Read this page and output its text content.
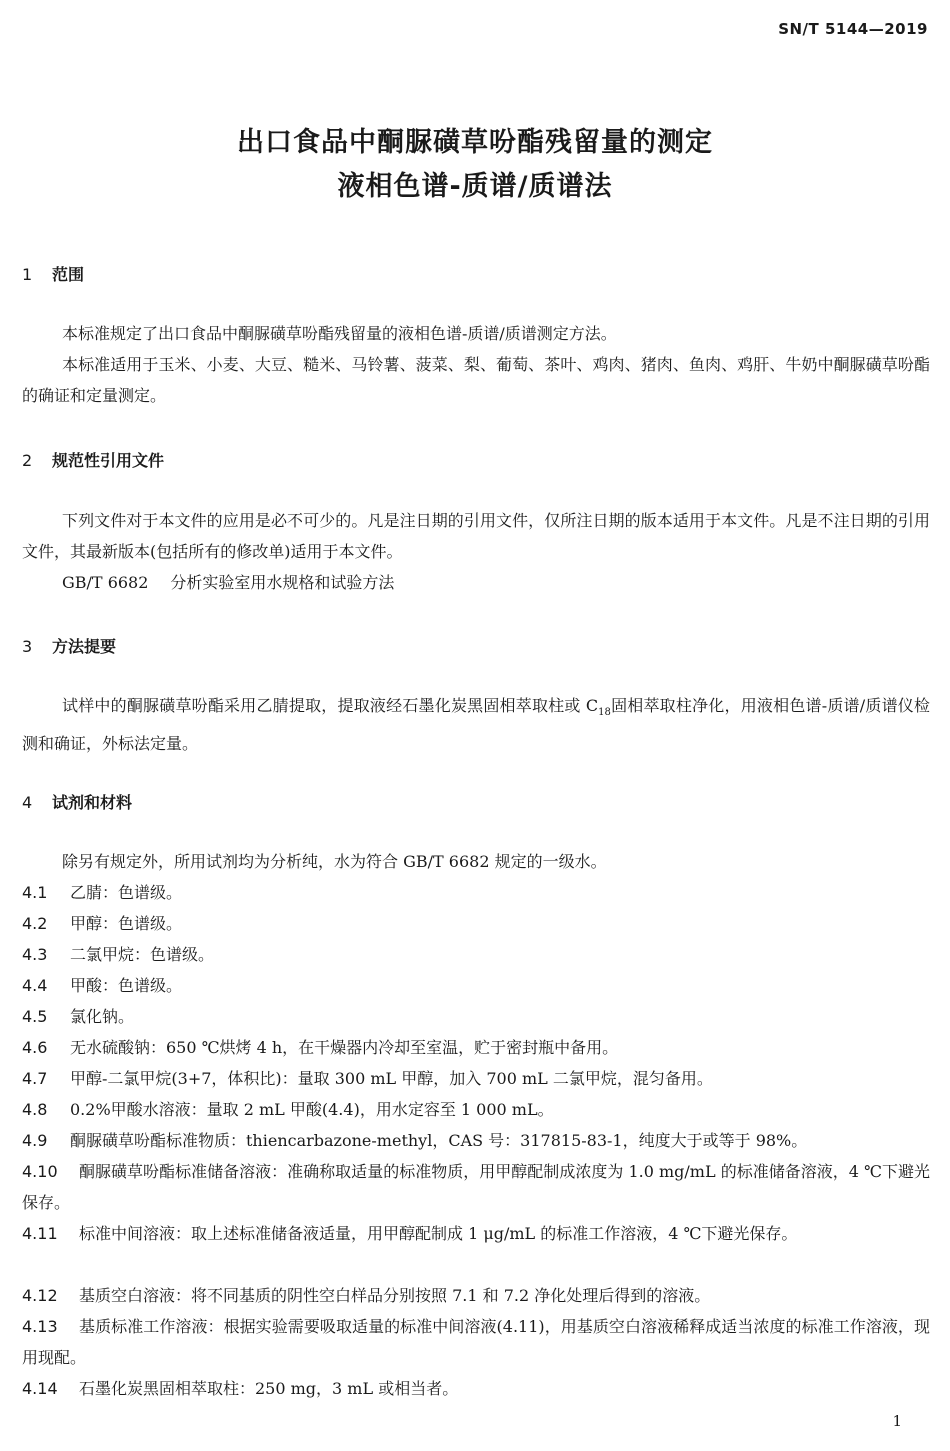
SN/T 5144—2019
出口食品中酮脲磺草吩酯残留量的测定
液相色谱-质谱/质谱法
1 范围
本标准规定了出口食品中酮脲磺草吩酯残留量的液相色谱-质谱/质谱测定方法。
本标准适用于玉米、小麦、大豆、糙米、马铃薯、菠菜、梨、葡萄、茶叶、鸡肉、猪肉、鱼肉、鸡肝、牛奶中酮脲磺草吩酯的确证和定量测定。
2 规范性引用文件
下列文件对于本文件的应用是必不可少的。凡是注日期的引用文件，仅所注日期的版本适用于本文件。凡是不注日期的引用文件，其最新版本(包括所有的修改单)适用于本文件。
GB/T 6682 分析实验室用水规格和试验方法
3 方法提要
试样中的酮脲磺草吩酯采用乙腈提取，提取液经石墨化炭黑固相萃取柱或 $C_{18}$固相萃取柱净化，用液相色谱-质谱/质谱仪检测和确证，外标法定量。
4 试剂和材料
除另有规定外，所用试剂均为分析纯，水为符合 GB/T 6682 规定的一级水。
4.1 乙腈：色谱级。
4.2 甲醇：色谱级。
4.3 二氯甲烷：色谱级。
4.4 甲酸：色谱级。
4.5 氯化钠。
4.6 无水硫酸钠：650 ℃烘烤 4 h，在干燥器内冷却至室温，贮于密封瓶中备用。
4.7 甲醇-二氯甲烷(3+7，体积比)：量取 300 mL 甲醇，加入 700 mL 二氯甲烷，混匀备用。
4.8 0.2%甲酸水溶液：量取 2 mL 甲酸(4.4)，用水定容至 1 000 mL。
4.9 酮脲磺草吩酯标准物质：thiencarbazone-methyl，CAS 号：317815-83-1，纯度大于或等于 98%。
4.10 酮脲磺草吩酯标准储备溶液：准确称取适量的标准物质，用甲醇配制成浓度为 1.0 mg/mL 的标准储备溶液，4 ℃下避光保存。
4.11 标准中间溶液：取上述标准储备液适量，用甲醇配制成 1 μg/mL 的标准工作溶液，4 ℃下避光保存。
4.12 基质空白溶液：将不同基质的阴性空白样品分别按照 7.1 和 7.2 净化处理后得到的溶液。
4.13 基质标准工作溶液：根据实验需要吸取适量的标准中间溶液(4.11)，用基质空白溶液稀释成适当浓度的标准工作溶液，现用现配。
4.14 石墨化炭黑固相萃取柱：250 mg，3 mL 或相当者。
1
